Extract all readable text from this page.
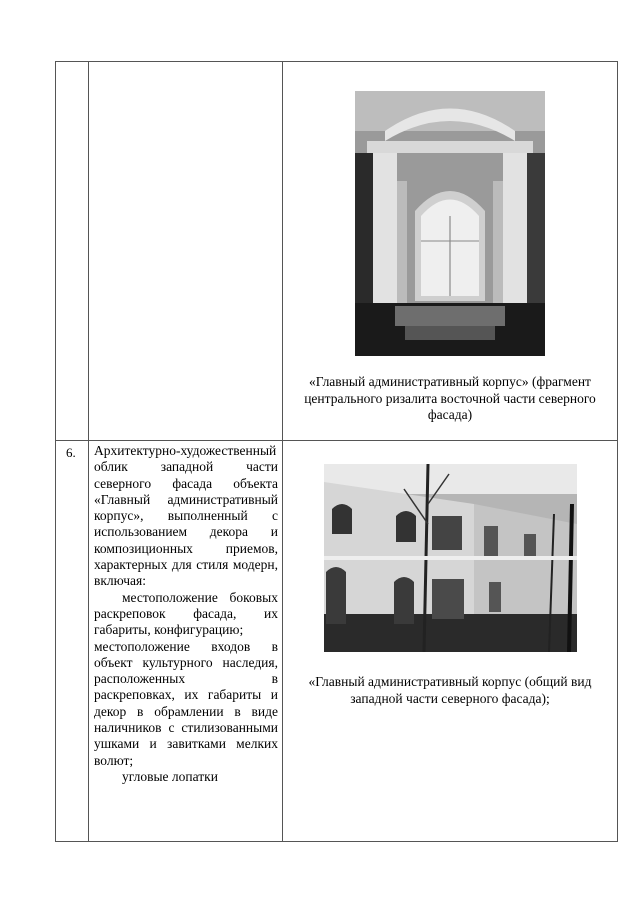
		«Главный административный корпус» (фрагмент центрального ризалита восточной части северного фасада)

6.	Архитектурно-художественный облик западной части северного фасада объекта «Главный административный корпус», выполненный с использованием декора и композиционных приемов, характерных для стиля модерн, включая:

местоположение боковых раскреповок фасада, их габариты, конфигурацию;

местоположение входов в объект культурного наследия, расположенных в раскреповках, их габариты и декор в обрамлении в виде наличников с стилизованными ушками и завитками мелких волют;

угловые лопатки	«Главный административный корпус (общий вид западной части северного фасада);
